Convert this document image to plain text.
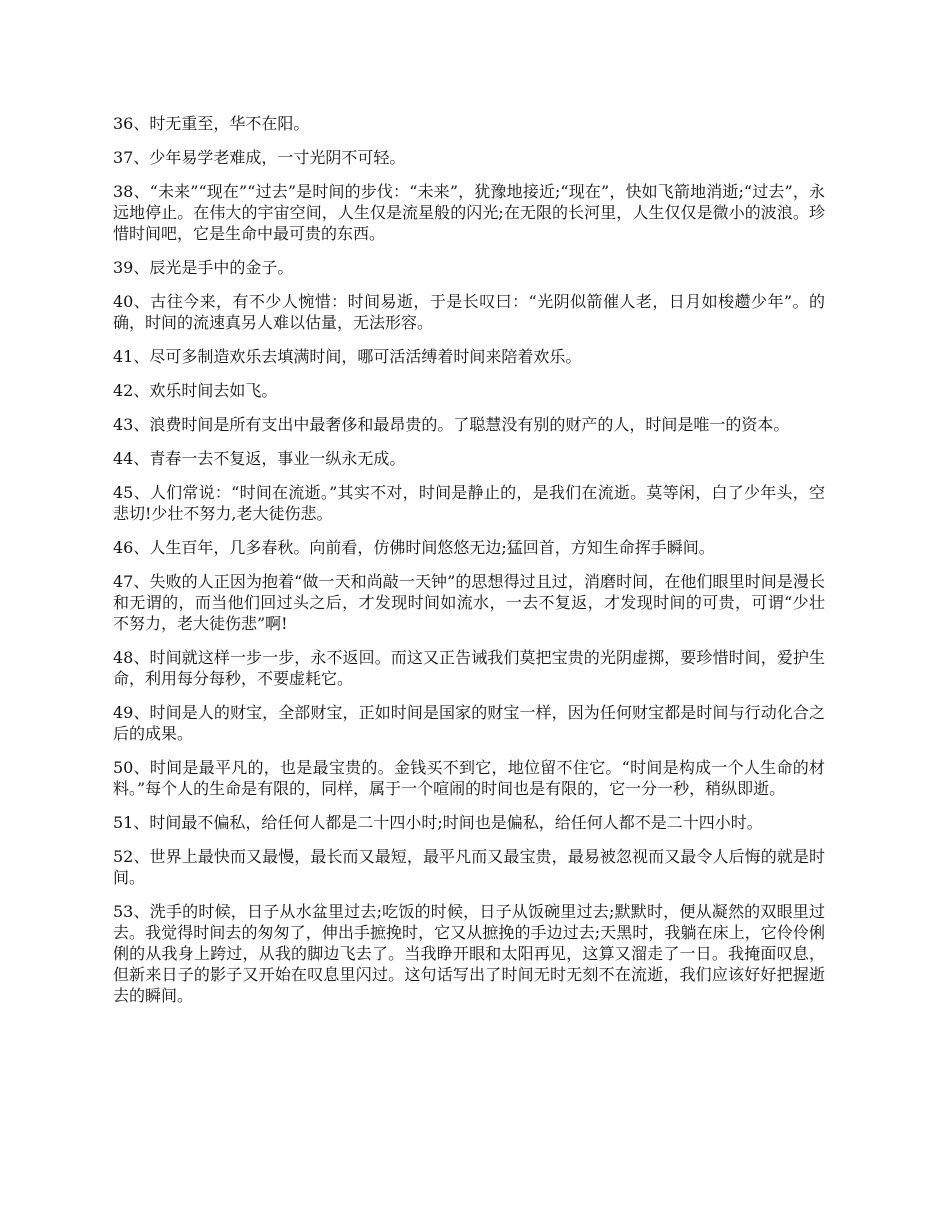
36、时无重至，华不在阳。

37、少年易学老难成，一寸光阴不可轻。

38、“未来”“现在”“过去”是时间的步伐：“未来”，犹豫地接近;“现在”，快如飞箭地消逝;“过去”，永远地停止。在伟大的宇宙空间，人生仅是流星般的闪光;在无限的长河里，人生仅仅是微小的波浪。珍惜时间吧，它是生命中最可贵的东西。

39、辰光是手中的金子。

40、古往今来，有不少人惋惜：时间易逝，于是长叹曰：“光阴似箭催人老，日月如梭趱少年”。的确，时间的流速真另人难以估量，无法形容。

41、尽可多制造欢乐去填满时间，哪可活活缚着时间来陪着欢乐。

42、欢乐时间去如飞。

43、浪费时间是所有支出中最奢侈和最昂贵的。了聪慧没有别的财产的人，时间是唯一的资本。

44、青春一去不复返，事业一纵永无成。

45、人们常说：“时间在流逝。”其实不对，时间是静止的，是我们在流逝。莫等闲，白了少年头，空悲切!少壮不努力,老大徒伤悲。

46、人生百年，几多春秋。向前看，仿佛时间悠悠无边;猛回首，方知生命挥手瞬间。

47、失败的人正因为抱着“做一天和尚敲一天钟”的思想得过且过，消磨时间，在他们眼里时间是漫长和无谓的，而当他们回过头之后，才发现时间如流水，一去不复返，才发现时间的可贵，可谓“少壮不努力，老大徒伤悲”啊!

48、时间就这样一步一步，永不返回。而这又正告诫我们莫把宝贵的光阴虚掷，要珍惜时间，爱护生命，利用每分每秒，不要虚耗它。

49、时间是人的财宝，全部财宝，正如时间是国家的财宝一样，因为任何财宝都是时间与行动化合之后的成果。

50、时间是最平凡的，也是最宝贵的。金钱买不到它，地位留不住它。“时间是构成一个人生命的材料。”每个人的生命是有限的，同样，属于一个喧闹的时间也是有限的，它一分一秒，稍纵即逝。

51、时间最不偏私，给任何人都是二十四小时;时间也是偏私，给任何人都不是二十四小时。

52、世界上最快而又最慢，最长而又最短，最平凡而又最宝贵，最易被忽视而又最令人后悔的就是时间。

53、洗手的时候，日子从水盆里过去;吃饭的时候，日子从饭碗里过去;默默时，便从凝然的双眼里过去。我觉得时间去的匆匆了，伸出手摭挽时，它又从摭挽的手边过去;天黑时，我躺在床上，它伶伶俐俐的从我身上跨过，从我的脚边飞去了。当我睁开眼和太阳再见，这算又溜走了一日。我掩面叹息，但新来日子的影子又开始在叹息里闪过。这句话写出了时间无时无刻不在流逝，我们应该好好把握逝去的瞬间。
